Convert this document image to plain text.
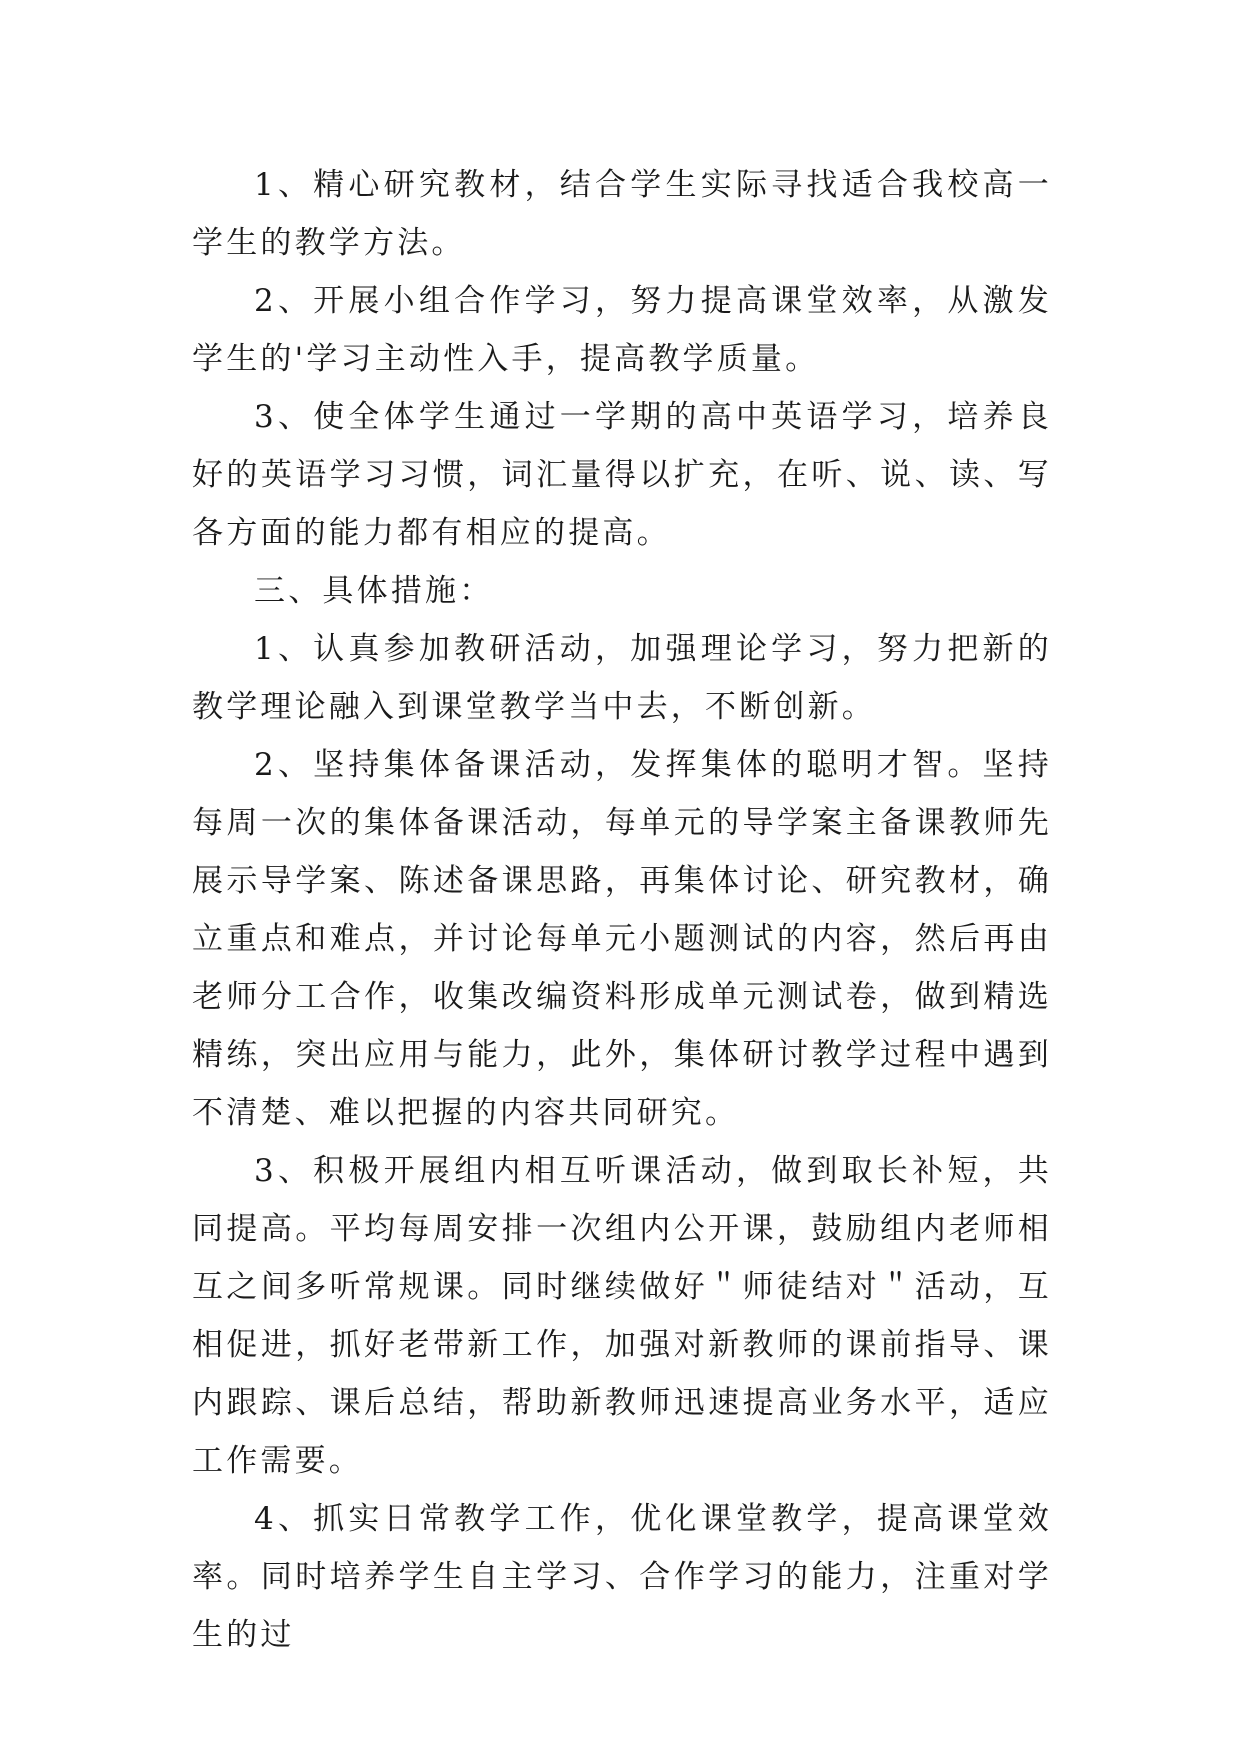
1、精心研究教材，结合学生实际寻找适合我校高一学生的教学方法。

2、开展小组合作学习，努力提高课堂效率，从激发学生的'学习主动性入手，提高教学质量。

3、使全体学生通过一学期的高中英语学习，培养良好的英语学习习惯，词汇量得以扩充，在听、说、读、写各方面的能力都有相应的提高。

三、具体措施：

1、认真参加教研活动，加强理论学习，努力把新的教学理论融入到课堂教学当中去，不断创新。

2、坚持集体备课活动，发挥集体的聪明才智。坚持每周一次的集体备课活动，每单元的导学案主备课教师先展示导学案、陈述备课思路，再集体讨论、研究教材，确立重点和难点，并讨论每单元小题测试的内容，然后再由老师分工合作，收集改编资料形成单元测试卷，做到精选精练，突出应用与能力，此外，集体研讨教学过程中遇到不清楚、难以把握的内容共同研究。

3、积极开展组内相互听课活动，做到取长补短，共同提高。平均每周安排一次组内公开课，鼓励组内老师相互之间多听常规课。同时继续做好＂师徒结对＂活动，互相促进，抓好老带新工作，加强对新教师的课前指导、课内跟踪、课后总结，帮助新教师迅速提高业务水平，适应工作需要。

4、抓实日常教学工作，优化课堂教学，提高课堂效率。同时培养学生自主学习、合作学习的能力，注重对学生的过
